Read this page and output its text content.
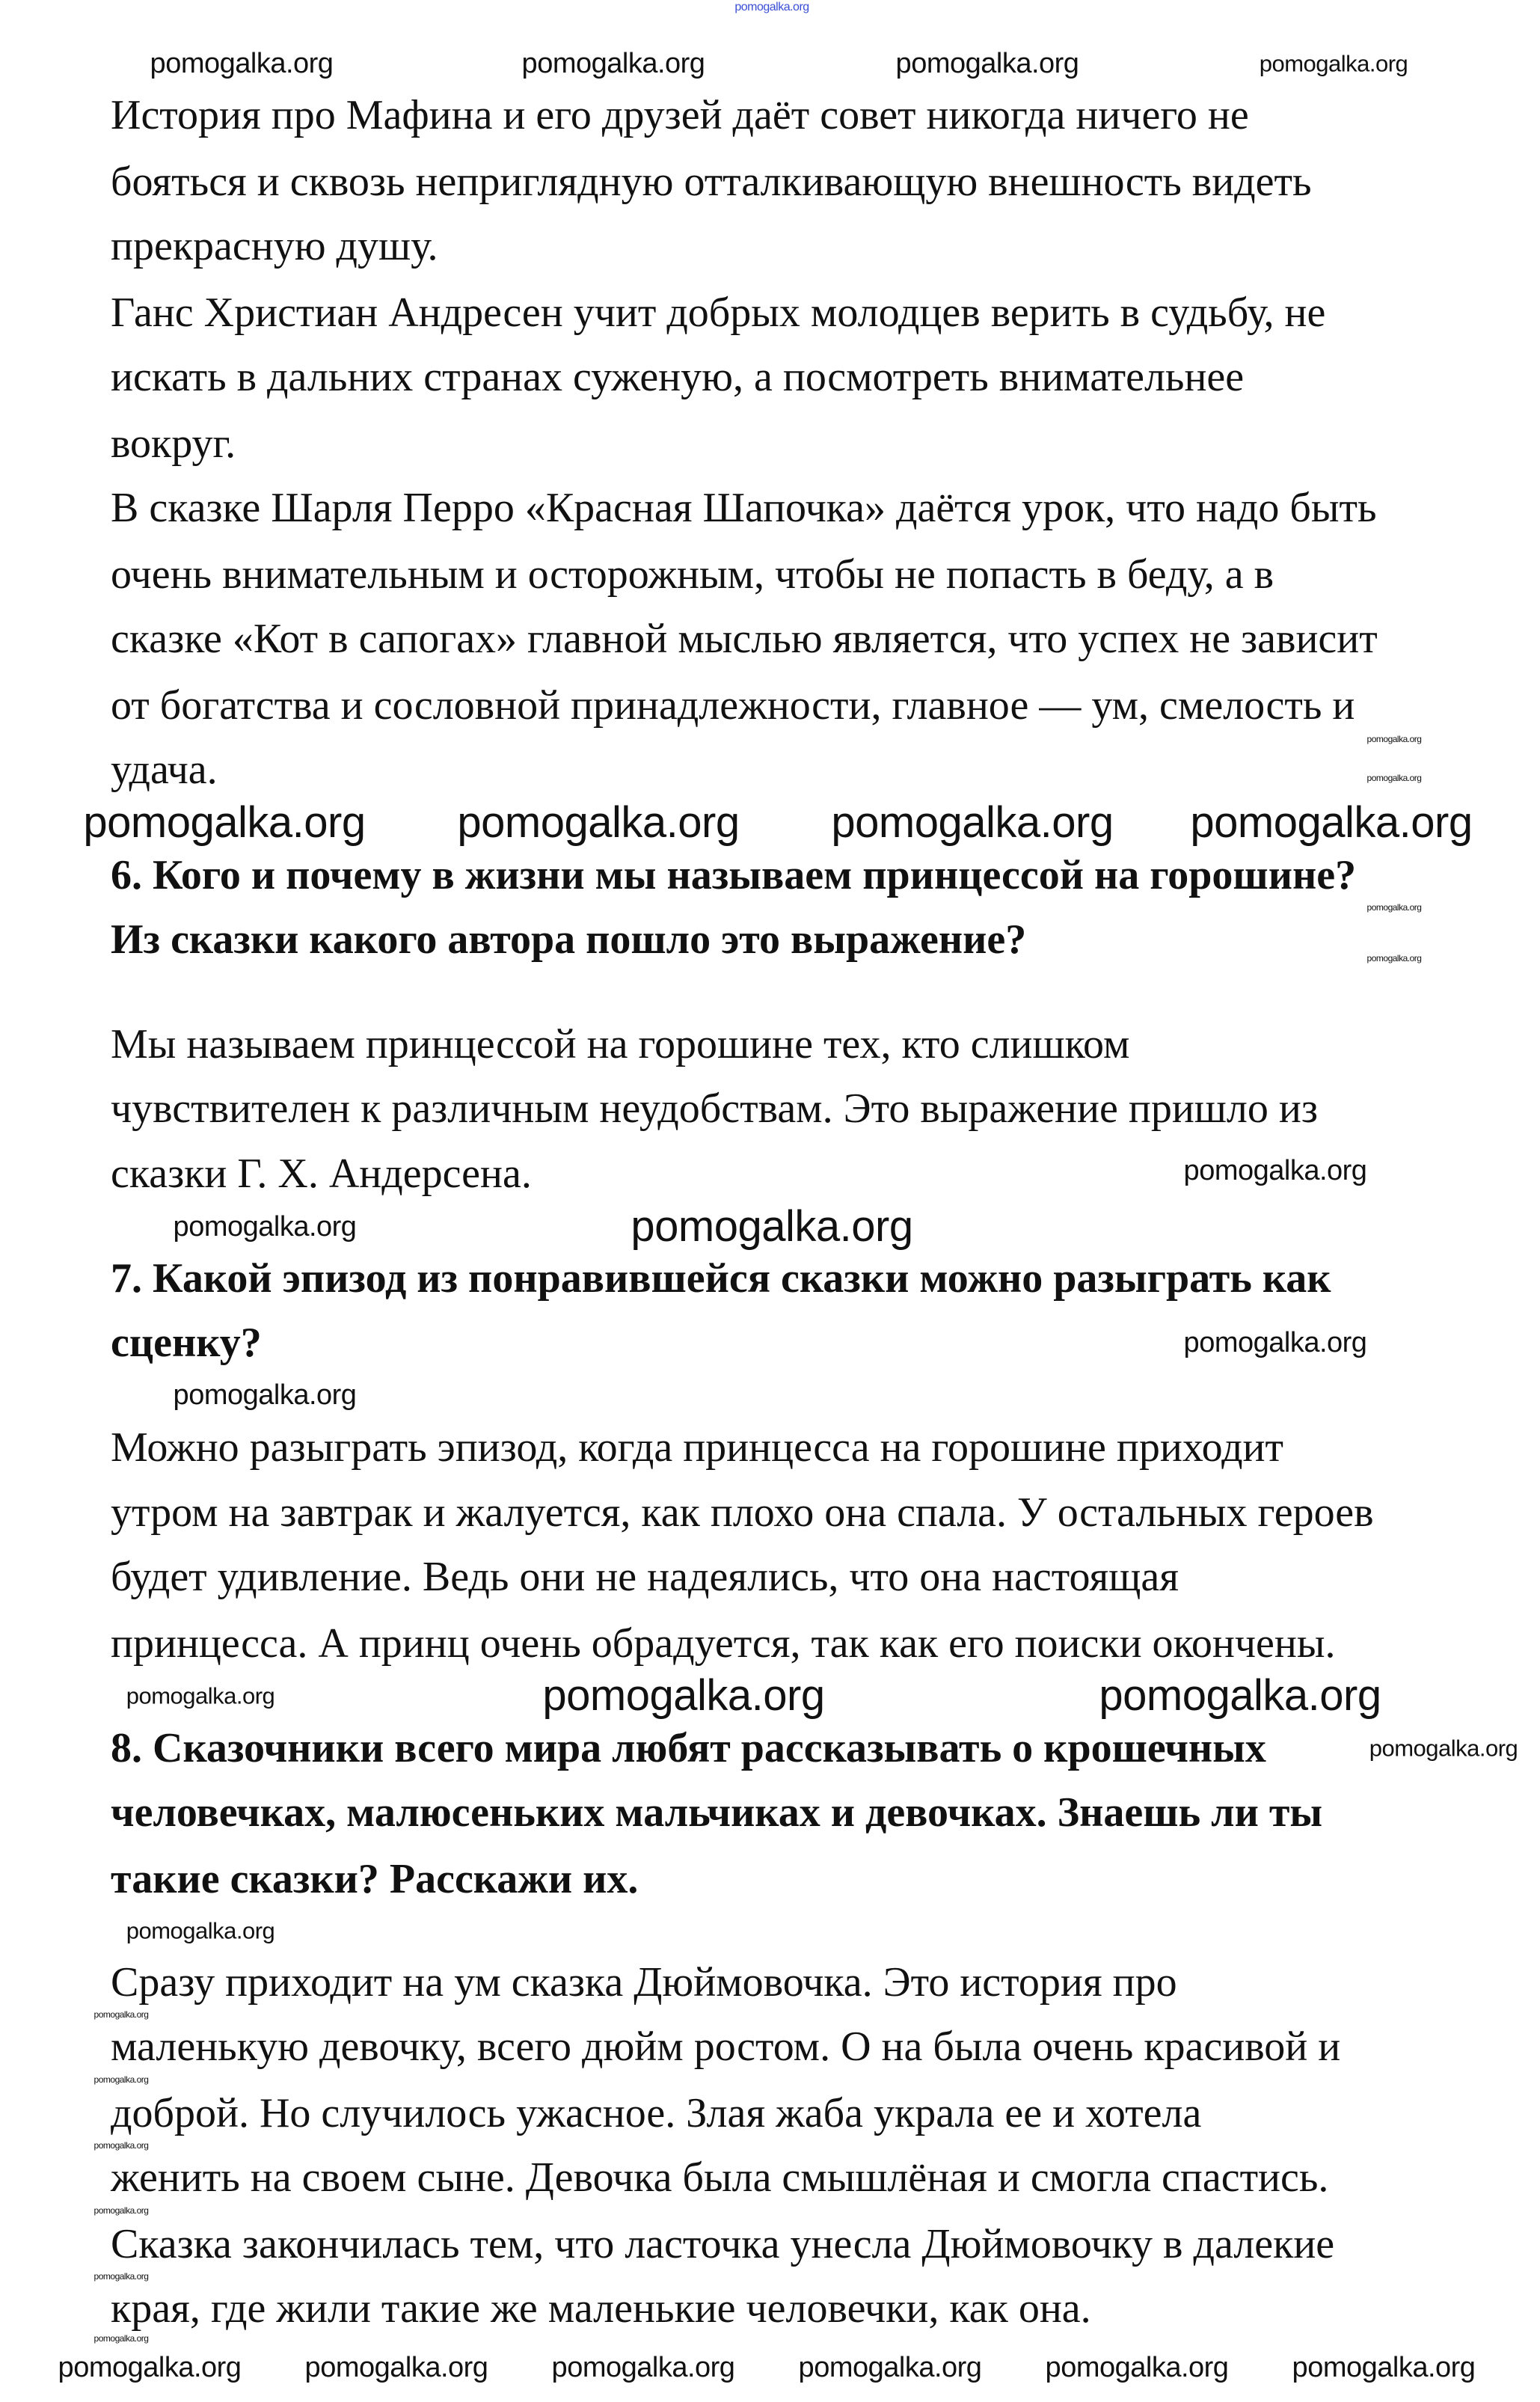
История про Мафина и его друзей даёт совет никогда ничего не
бояться и сквозь неприглядную отталкивающую внешность видеть
прекрасную душу.
Ганс Христиан Андресен учит добрых молодцев верить в судьбу, не
искать в дальних странах суженую, а посмотреть внимательнее
вокруг.
В сказке Шарля Перро «Красная Шапочка» даётся урок, что надо быть
очень внимательным и осторожным, чтобы не попасть в беду, а в
сказке «Кот в сапогах» главной мыслью является, что успех не зависит
от богатства и сословной принадлежности, главное — ум, смелость и
удача.
6. Кого и почему в жизни мы называем принцессой на горошине?
Из сказки какого автора пошло это выражение?
Мы называем принцессой на горошине тех, кто слишком
чувствителен к различным неудобствам. Это выражение пришло из
сказки Г. Х. Андерсена.
7. Какой эпизод из понравившейся сказки можно разыграть как
сценку?
Можно разыграть эпизод, когда принцесса на горошине приходит
утром на завтрак и жалуется, как плохо она спала. У остальных героев
будет удивление. Ведь они не надеялись, что она настоящая
принцесса. А принц очень обрадуется, так как его поиски окончены.
8. Сказочники всего мира любят рассказывать о крошечных
человечках, малюсеньких мальчиках и девочках. Знаешь ли ты
такие сказки? Расскажи их.
Сразу приходит на ум сказка Дюймовочка. Это история про
маленькую девочку, всего дюйм ростом. О на была очень красивой и
доброй. Но случилось ужасное. Злая жаба украла ее и хотела
женить на своем сыне. Девочка была смышлёная и смогла спастись.
Сказка закончилась тем, что ласточка унесла Дюймовочку в далекие
края, где жили такие же маленькие человечки, как она.
pomogalka.org
pomogalka.org	pomogalka.org	pomogalka.org	pomogalka.org
pomogalka.org	pomogalka.org
pomogalka.org
pomogalka.org
pomogalka.org
pomogalka.org
pomogalka.org pomogalka.org
pomogalka.org
pomogalka.org	pomogalka.org
pomogalka.org
pomogalka.org
pomogalka.org	pomogalka.org	pomogalka.org
pomogalka.org
pomogalka.org
pomogalka.org pomogalka.org pomogalka.org
pomogalka.org
pomogalka.org
pomogalka.org
pomogalka.org
pomogalka.org pomogalka.org pomogalka.org
pomogalka.org
pomogalka.org
